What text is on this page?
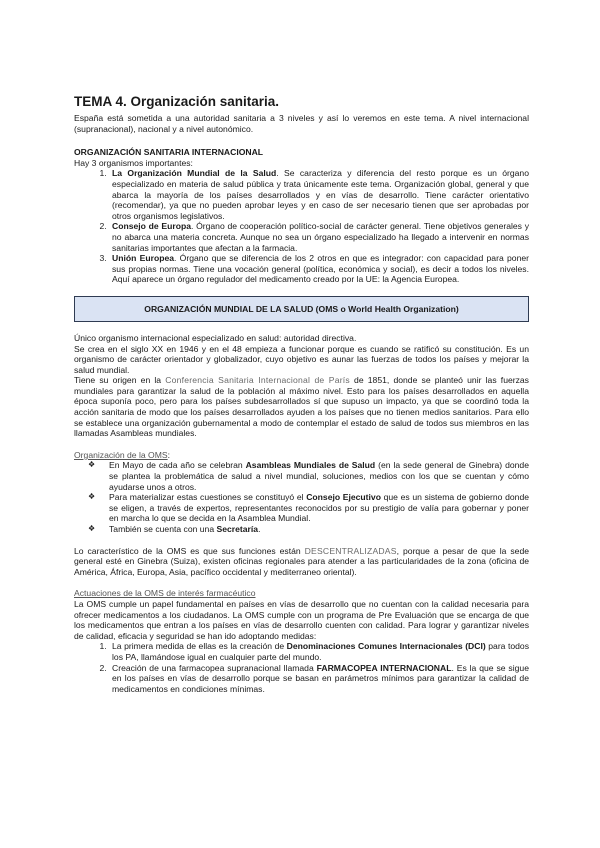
TEMA 4. Organización sanitaria.

España está sometida a una autoridad sanitaria a 3 niveles y así lo veremos en este tema. A nivel internacional (supranacional), nacional y a nivel autonómico.

ORGANIZACIÓN SANITARIA INTERNACIONAL

Hay 3 organismos importantes:

1. La Organización Mundial de la Salud. Se caracteriza y diferencia del resto porque es un órgano especializado en materia de salud pública y trata únicamente este tema. Organización global, general y que abarca la mayoría de los países desarrollados y en vías de desarrollo. Tiene carácter orientativo (recomendar), ya que no pueden aprobar leyes y en caso de ser necesario tienen que ser aprobadas por otros organismos legislativos.
2. Consejo de Europa. Órgano de cooperación político-social de carácter general. Tiene objetivos generales y no abarca una materia concreta. Aunque no sea un órgano especializado ha llegado a intervenir en normas sanitarias importantes que afectan a la farmacia.
3. Unión Europea. Órgano que se diferencia de los 2 otros en que es integrador: con capacidad para poner sus propias normas. Tiene una vocación general (política, económica y social), es decir a todos los niveles. Aquí aparece un órgano regulador del medicamento creado por la UE: la Agencia Europea.
ORGANIZACIÓN MUNDIAL DE LA SALUD (OMS o World Health Organization)

Único organismo internacional especializado en salud: autoridad directiva.

Se crea en el siglo XX en 1946 y en el 48 empieza a funcionar porque es cuando se ratificó su constitución. Es un organismo de carácter orientador y globalizador, cuyo objetivo es aunar las fuerzas de todos los países y mejorar la salud mundial.

Tiene su origen en la Conferencia Sanitaria Internacional de París de 1851, donde se planteó unir las fuerzas mundiales para garantizar la salud de la población al máximo nivel. Esto para los países desarrollados en aquella época suponía poco, pero para los países subdesarrollados sí que supuso un impacto, ya que se coordinó toda la acción sanitaria de modo que los países desarrollados ayuden a los países que no tienen medios sanitarios. Para ello se establece una organización gubernamental a modo de contemplar el estado de salud de todos sus miembros en las llamadas Asambleas mundiales.

Organización de la OMS:

❖ En Mayo de cada año se celebran Asambleas Mundiales de Salud (en la sede general de Ginebra) donde se plantea la problemática de salud a nivel mundial, soluciones, medios con los que se cuentan y cómo ayudarse unos a otros.
❖ Para materializar estas cuestiones se constituyó el Consejo Ejecutivo que es un sistema de gobierno donde se eligen, a través de expertos, representantes reconocidos por su prestigio de valía para gobernar y poner en marcha lo que se decida en la Asamblea Mundial.
❖ También se cuenta con una Secretaría.

Lo característico de la OMS es que sus funciones están DESCENTRALIZADAS, porque a pesar de que la sede general esté en Ginebra (Suiza), existen oficinas regionales para atender a las particularidades de la zona (oficina de América, África, Europa, Asia, pacífico occidental y mediterraneo oriental).

Actuaciones de la OMS de interés farmacéutico

La OMS cumple un papel fundamental en países en vías de desarrollo que no cuentan con la calidad necesaria para ofrecer medicamentos a los ciudadanos. La OMS cumple con un programa de Pre Evaluación que se encarga de que los medicamentos que entran a los países en vías de desarrollo cuenten con calidad. Para lograr y garantizar niveles de calidad, eficacia y seguridad se han ido adoptando medidas:

1. La primera medida de ellas es la creación de Denominaciones Comunes Internacionales (DCI) para todos los PA, llamándose igual en cualquier parte del mundo.
2. Creación de una farmacopea supranacional llamada FARMACOPEA INTERNACIONAL. Es la que se sigue en los países en vías de desarrollo porque se basan en parámetros mínimos para garantizar la calidad de medicamentos en condiciones mínimas.
